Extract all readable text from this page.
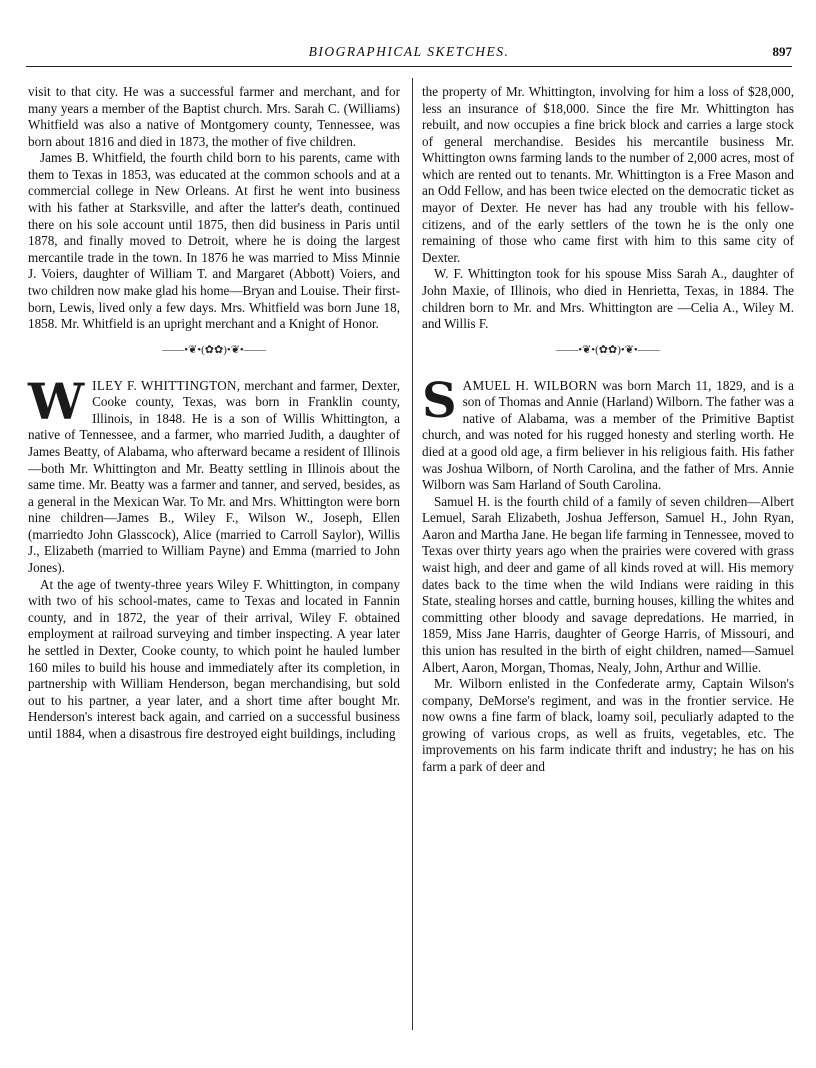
BIOGRAPHICAL SKETCHES.	897

visit to that city. He was a successful farmer and merchant, and for many years a member of the Baptist church. Mrs. Sarah C. (Williams) Whitfield was also a native of Montgomery county, Tennessee, was born about 1816 and died in 1873, the mother of five children.

James B. Whitfield, the fourth child born to his parents, came with them to Texas in 1853, was educated at the common schools and at a commercial college in New Orleans. At first he went into business with his father at Starksville, and after the latter's death, continued there on his sole account until 1875, then did business in Paris until 1878, and finally moved to Detroit, where he is doing the largest mercantile trade in the town. In 1876 he was married to Miss Minnie J. Voiers, daughter of William T. and Margaret (Abbott) Voiers, and two children now make glad his home—Bryan and Louise. Their first-born, Lewis, lived only a few days. Mrs. Whitfield was born June 18, 1858. Mr. Whitfield is an upright merchant and a Knight of Honor.

——•❦•(✿✿)•❦•——

WILEY F. WHITTINGTON, merchant and farmer, Dexter, Cooke county, Texas, was born in Franklin county, Illinois, in 1848. He is a son of Willis Whittington, a native of Tennessee, and a farmer, who married Judith, a daughter of James Beatty, of Alabama, who afterward became a resident of Illinois—both Mr. Whittington and Mr. Beatty settling in Illinois about the same time. Mr. Beatty was a farmer and tanner, and served, besides, as a general in the Mexican War. To Mr. and Mrs. Whittington were born nine children—James B., Wiley F., Wilson W., Joseph, Ellen (marriedto John Glasscock), Alice (married to Carroll Saylor), Willis J., Elizabeth (married to William Payne) and Emma (married to John Jones).

At the age of twenty-three years Wiley F. Whittington, in company with two of his school-mates, came to Texas and located in Fannin county, and in 1872, the year of their arrival, Wiley F. obtained employment at railroad surveying and timber inspecting. A year later he settled in Dexter, Cooke county, to which point he hauled lumber 160 miles to build his house and immediately after its completion, in partnership with William Henderson, began merchandising, but sold out to his partner, a year later, and a short time after bought Mr. Henderson's interest back again, and carried on a successful business until 1884, when a disastrous fire destroyed eight buildings, including

the property of Mr. Whittington, involving for him a loss of $28,000, less an insurance of $18,000. Since the fire Mr. Whittington has rebuilt, and now occupies a fine brick block and carries a large stock of general merchandise. Besides his mercantile business Mr. Whittington owns farming lands to the number of 2,000 acres, most of which are rented out to tenants. Mr. Whittington is a Free Mason and an Odd Fellow, and has been twice elected on the democratic ticket as mayor of Dexter. He never has had any trouble with his fellow-citizens, and of the early settlers of the town he is the only one remaining of those who came first with him to this same city of Dexter.

W. F. Whittington took for his spouse Miss Sarah A., daughter of John Maxie, of Illinois, who died in Henrietta, Texas, in 1884. The children born to Mr. and Mrs. Whittington are —Celia A., Wiley M. and Willis F.

——•❦•(✿✿)•❦•——

SAMUEL H. WILBORN was born March 11, 1829, and is a son of Thomas and Annie (Harland) Wilborn. The father was a native of Alabama, was a member of the Primitive Baptist church, and was noted for his rugged honesty and sterling worth. He died at a good old age, a firm believer in his religious faith. His father was Joshua Wilborn, of North Carolina, and the father of Mrs. Annie Wilborn was Sam Harland of South Carolina.

Samuel H. is the fourth child of a family of seven children—Albert Lemuel, Sarah Elizabeth, Joshua Jefferson, Samuel H., John Ryan, Aaron and Martha Jane. He began life farming in Tennessee, moved to Texas over thirty years ago when the prairies were covered with grass waist high, and deer and game of all kinds roved at will. His memory dates back to the time when the wild Indians were raiding in this State, stealing horses and cattle, burning houses, killing the whites and committing other bloody and savage depredations. He married, in 1859, Miss Jane Harris, daughter of George Harris, of Missouri, and this union has resulted in the birth of eight children, named—Samuel Albert, Aaron, Morgan, Thomas, Nealy, John, Arthur and Willie.

Mr. Wilborn enlisted in the Confederate army, Captain Wilson's company, DeMorse's regiment, and was in the frontier service. He now owns a fine farm of black, loamy soil, peculiarly adapted to the growing of various crops, as well as fruits, vegetables, etc. The improvements on his farm indicate thrift and industry; he has on his farm a park of deer and
